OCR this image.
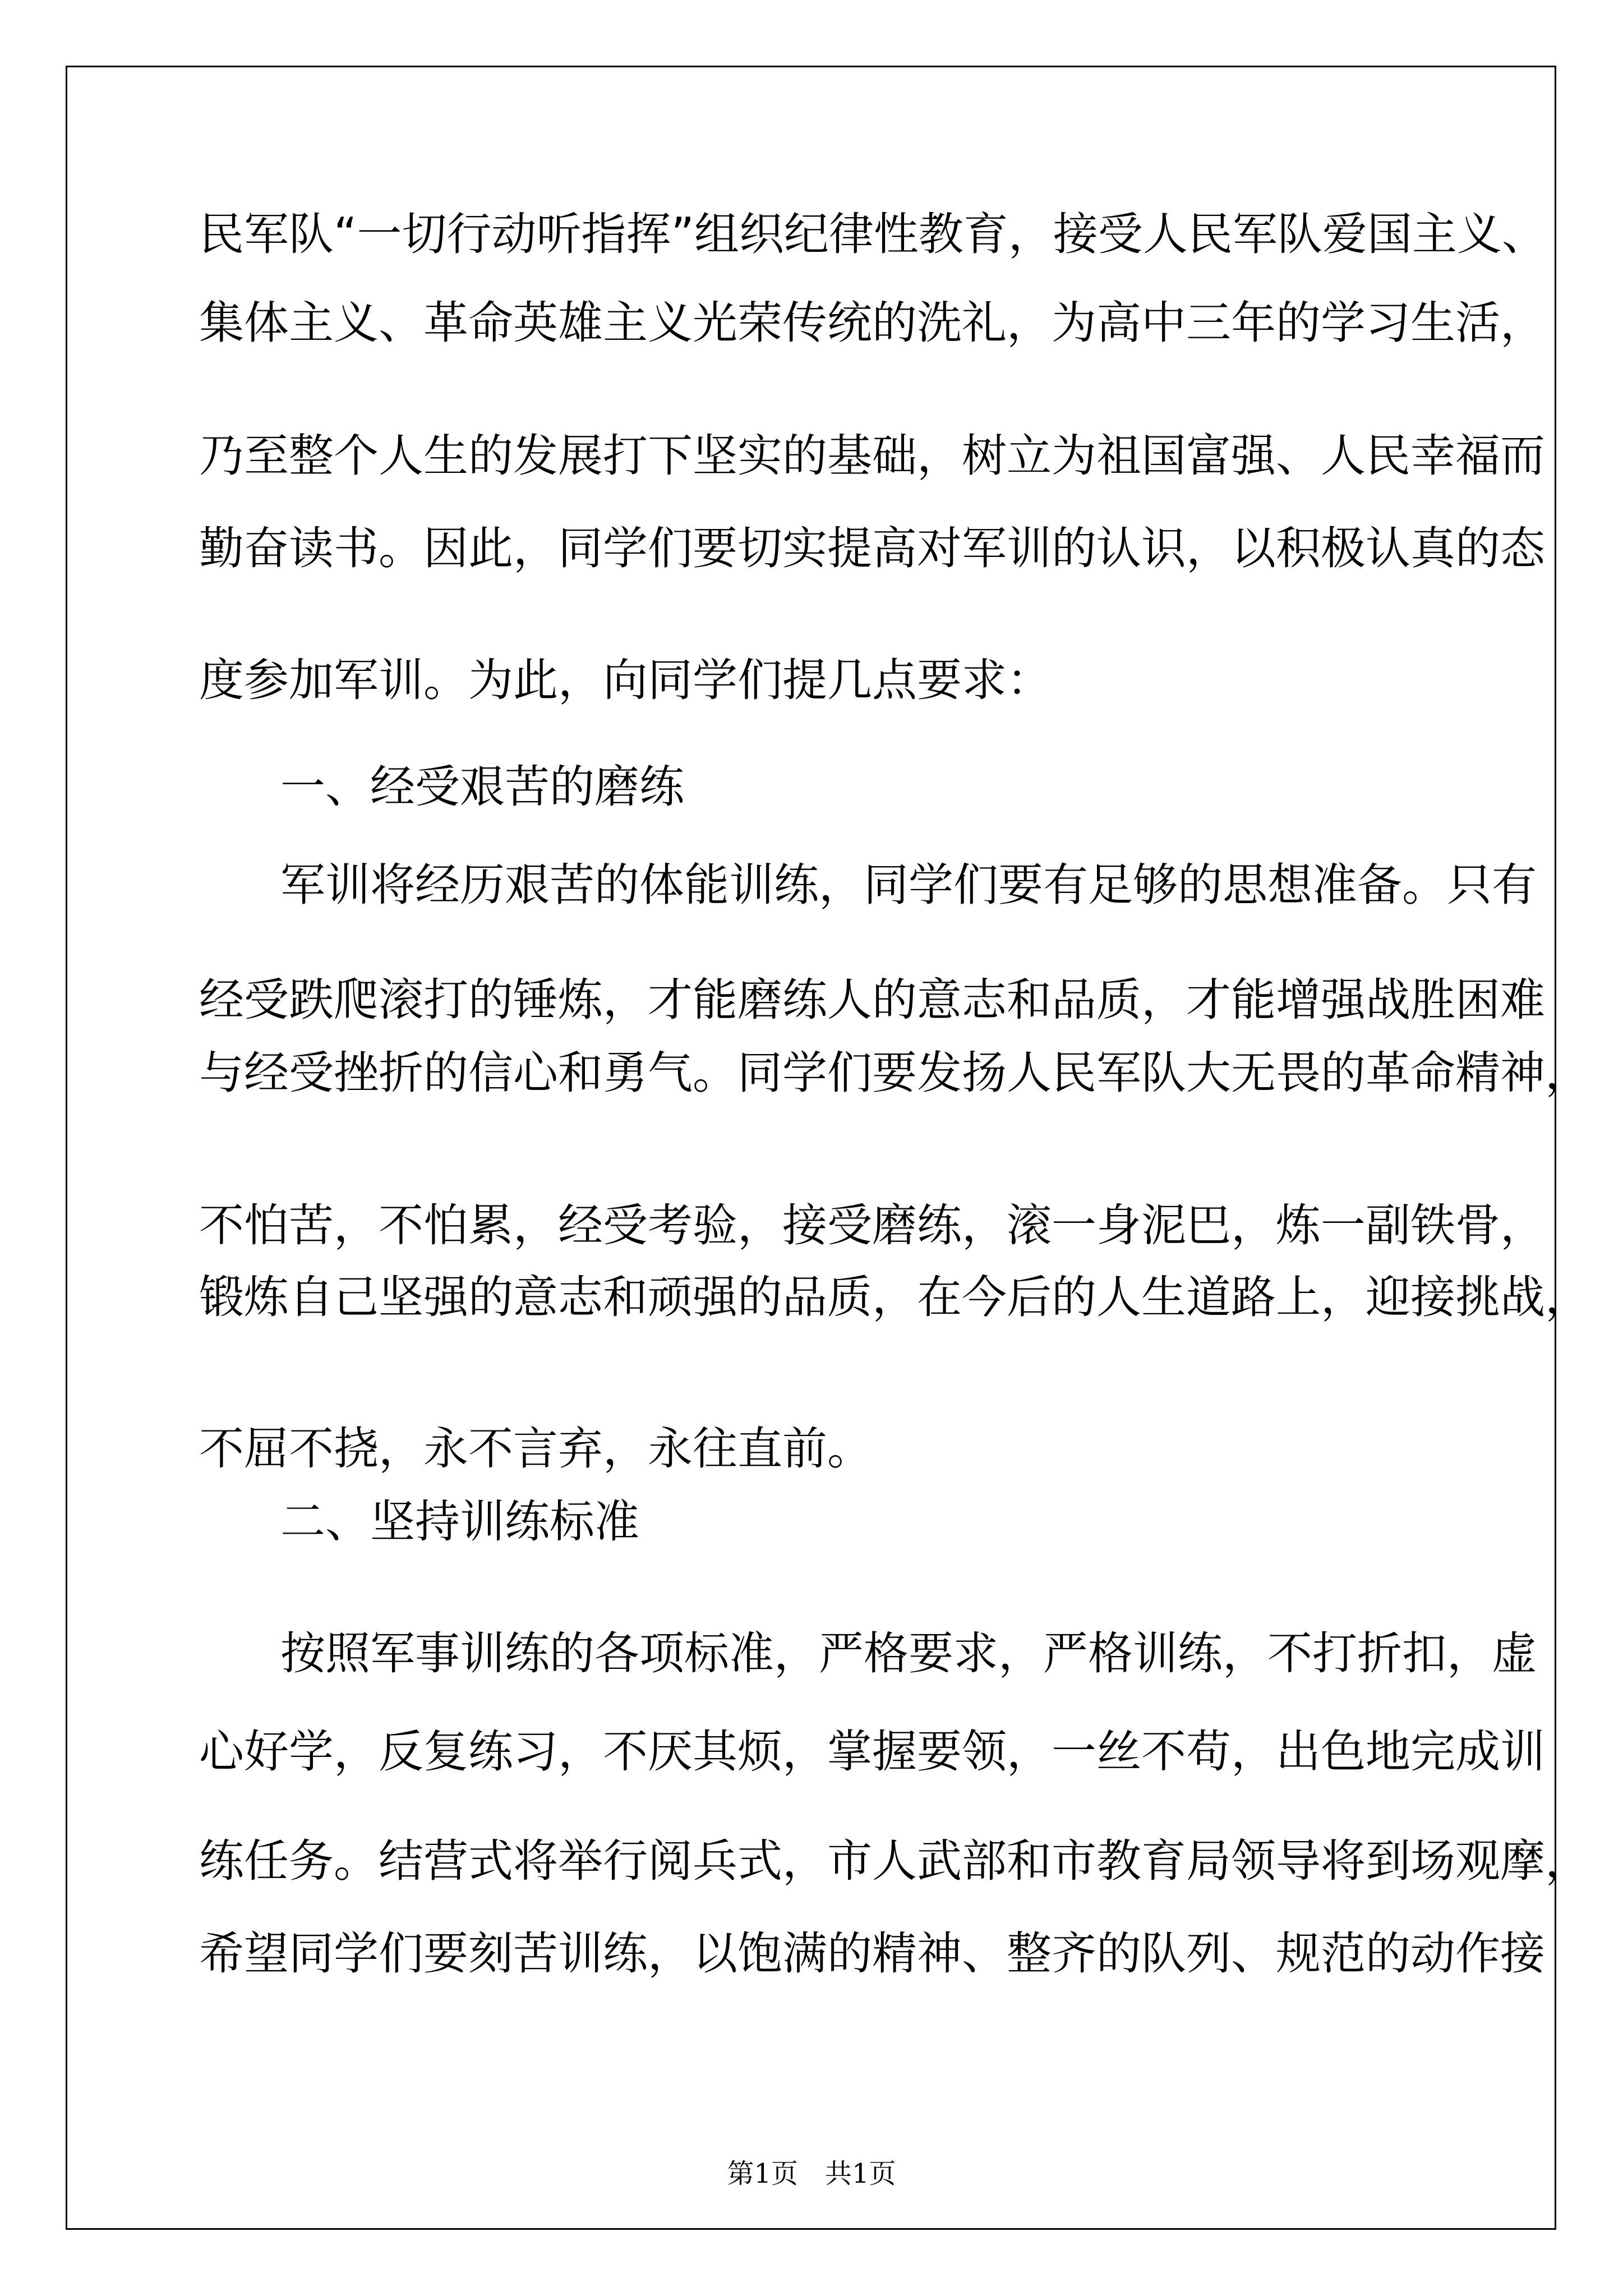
民军队“一切行动听指挥”组织纪律性教育，接受人民军队爱国主义、
集体主义、革命英雄主义光荣传统的洗礼，为高中三年的学习生活，
乃至整个人生的发展打下坚实的基础，树立为祖国富强、人民幸福而
勤奋读书。因此，同学们要切实提高对军训的认识，以积极认真的态
度参加军训。为此，向同学们提几点要求：
一、经受艰苦的磨练
军训将经历艰苦的体能训练，同学们要有足够的思想准备。只有
经受跌爬滚打的锤炼，才能磨练人的意志和品质，才能增强战胜困难
与经受挫折的信心和勇气。同学们要发扬人民军队大无畏的革命精神，
不怕苦，不怕累，经受考验，接受磨练，滚一身泥巴，炼一副铁骨，
锻炼自己坚强的意志和顽强的品质，在今后的人生道路上，迎接挑战，
不屈不挠，永不言弃，永往直前。
二、坚持训练标准
按照军事训练的各项标准，严格要求，严格训练，不打折扣，虚
心好学，反复练习，不厌其烦，掌握要领，一丝不苟，出色地完成训
练任务。结营式将举行阅兵式，市人武部和市教育局领导将到场观摩，
希望同学们要刻苦训练，以饱满的精神、整齐的队列、规范的动作接
第1页　共1页
